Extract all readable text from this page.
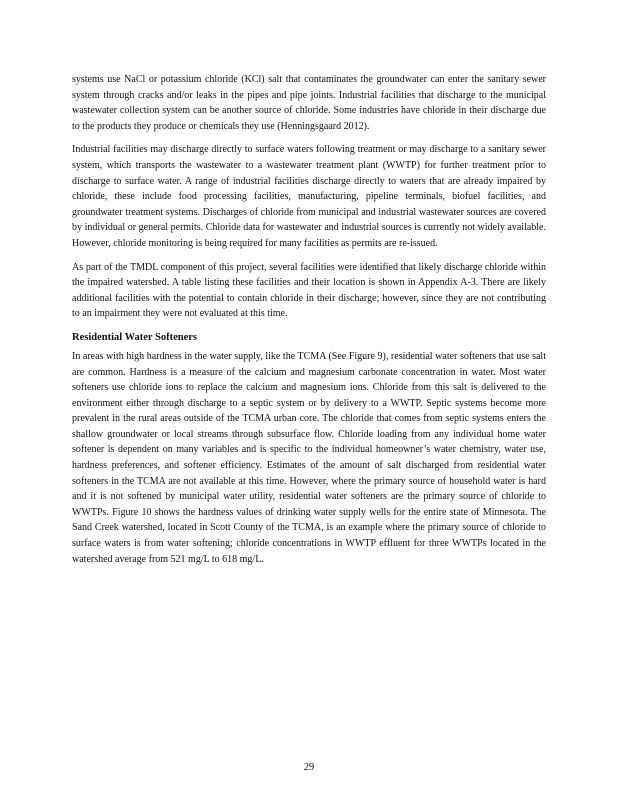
systems use NaCl or potassium chloride (KCl) salt that contaminates the groundwater can enter the sanitary sewer system through cracks and/or leaks in the pipes and pipe joints. Industrial facilities that discharge to the municipal wastewater collection system can be another source of chloride. Some industries have chloride in their discharge due to the products they produce or chemicals they use (Henningsgaard 2012).

Industrial facilities may discharge directly to surface waters following treatment or may discharge to a sanitary sewer system, which transports the wastewater to a wastewater treatment plant (WWTP) for further treatment prior to discharge to surface water. A range of industrial facilities discharge directly to waters that are already impaired by chloride, these include food processing facilities, manufacturing, pipeline terminals, biofuel facilities, and groundwater treatment systems. Discharges of chloride from municipal and industrial wastewater sources are covered by individual or general permits. Chloride data for wastewater and industrial sources is currently not widely available. However, chloride monitoring is being required for many facilities as permits are re-issued.

As part of the TMDL component of this project, several facilities were identified that likely discharge chloride within the impaired watershed. A table listing these facilities and their location is shown in Appendix A-3. There are likely additional facilities with the potential to contain chloride in their discharge; however, since they are not contributing to an impairment they were not evaluated at this time.

Residential Water Softeners

In areas with high hardness in the water supply, like the TCMA (See Figure 9), residential water softeners that use salt are common. Hardness is a measure of the calcium and magnesium carbonate concentration in water. Most water softeners use chloride ions to replace the calcium and magnesium ions. Chloride from this salt is delivered to the environment either through discharge to a septic system or by delivery to a WWTP. Septic systems become more prevalent in the rural areas outside of the TCMA urban core. The chloride that comes from septic systems enters the shallow groundwater or local streams through subsurface flow. Chloride loading from any individual home water softener is dependent on many variables and is specific to the individual homeowner’s water chemistry, water use, hardness preferences, and softener efficiency. Estimates of the amount of salt discharged from residential water softeners in the TCMA are not available at this time. However, where the primary source of household water is hard and it is not softened by municipal water utility, residential water softeners are the primary source of chloride to WWTPs. Figure 10 shows the hardness values of drinking water supply wells for the entire state of Minnesota. The Sand Creek watershed, located in Scott County of the TCMA, is an example where the primary source of chloride to surface waters is from water softening; chloride concentrations in WWTP effluent for three WWTPs located in the watershed average from 521 mg/L to 618 mg/L.

29
